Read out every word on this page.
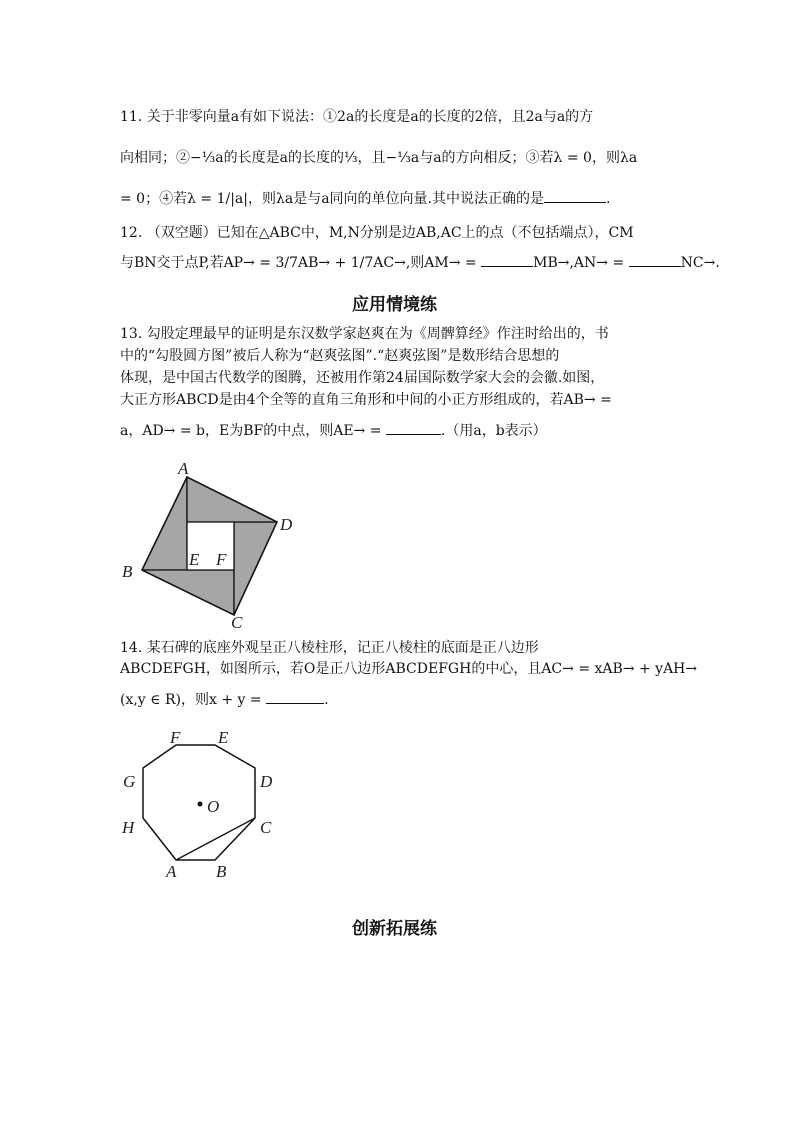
11. 关于非零向量a有如下说法：①2a的长度是a的长度的2倍，且2a与a的方
向相同；②−⅓a的长度是a的长度的⅓，且−⅓a与a的方向相反；③若λ = 0，则λa
= 0；④若λ = 1/|a|，则λa是与a同向的单位向量.其中说法正确的是	.
12. （双空题）已知在△ABC中，M,N分别是边AB,AC上的点（不包括端点），CM
与BN交于点P,若AP→ = 3/7AB→ + 1/7AC→,则AM→ =	MB→,AN→ =	NC→.
应用情境练
13. 勾股定理最早的证明是东汉数学家赵爽在为《周髀算经》作注时给出的，书
中的“勾股圆方图”被后人称为“赵爽弦图”.“赵爽弦图”是数形结合思想的
体现，是中国古代数学的图腾，还被用作第24届国际数学家大会的会徽.如图，
大正方形ABCD是由4个全等的直角三角形和中间的小正方形组成的，若AB→ =
a，AD→ = b，E为BF的中点，则AE→ =	.（用a，b表示）
A
B
C
D
E F
14. 某石碑的底座外观呈正八棱柱形，记正八棱柱的底面是正八边形
ABCDEFGH，如图所示，若O是正八边形ABCDEFGH的中心，且AC→ = xAB→ + yAH→
(x,y ∈ R)，则x + y =	.
A B
C
D
E
F
G
H
O
创新拓展练
